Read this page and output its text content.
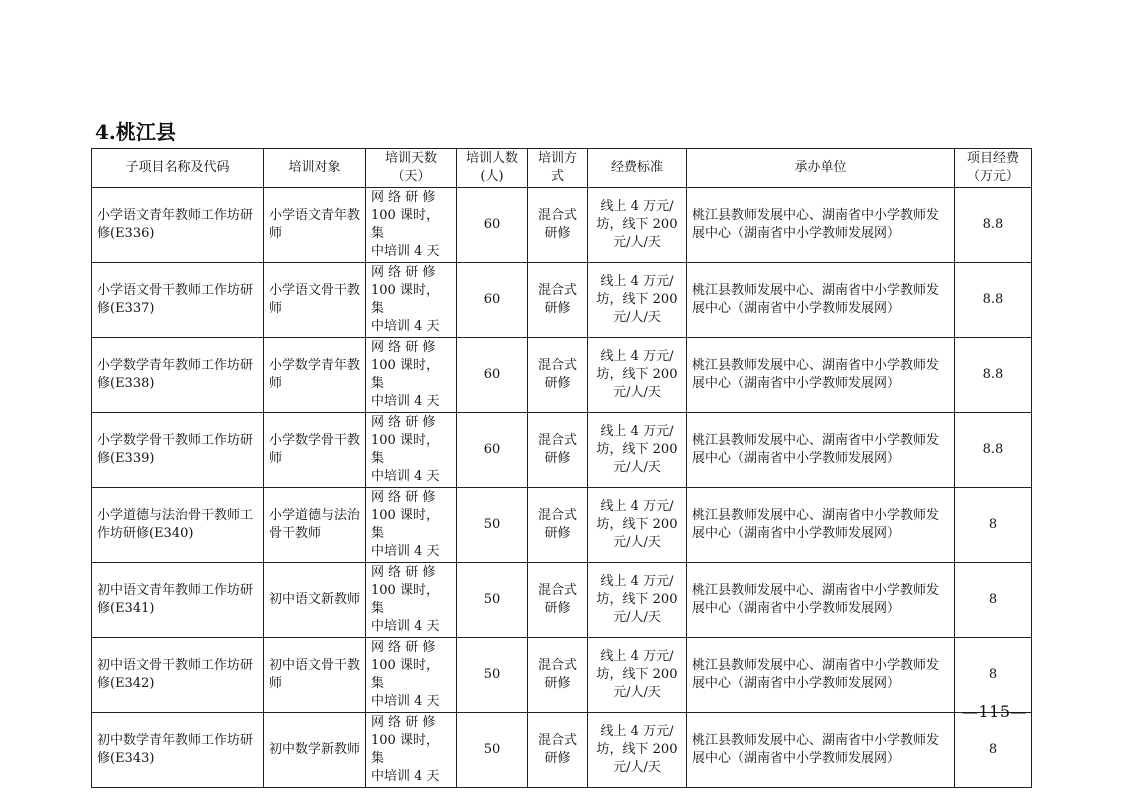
4.桃江县
子项目名称及代码	培训对象	培训天数（天）	培训人数(人)	培训方式	经费标准	承办单位	项目经费（万元）
小学语文青年教师工作坊研修(E336)	小学语文青年教师	网 络 研 修
100 课时，集
中培训 4 天	60	混合式研修	线上 4 万元/
坊，线下 200
元/人/天	桃江县教师发展中心、湖南省中小学教师发展中心（湖南省中小学教师发展网）	8.8
小学语文骨干教师工作坊研修(E337)	小学语文骨干教师	网 络 研 修
100 课时，集
中培训 4 天	60	混合式研修	线上 4 万元/
坊，线下 200
元/人/天	桃江县教师发展中心、湖南省中小学教师发展中心（湖南省中小学教师发展网）	8.8
小学数学青年教师工作坊研修(E338)	小学数学青年教师	网 络 研 修
100 课时，集
中培训 4 天	60	混合式研修	线上 4 万元/
坊，线下 200
元/人/天	桃江县教师发展中心、湖南省中小学教师发展中心（湖南省中小学教师发展网）	8.8
小学数学骨干教师工作坊研修(E339)	小学数学骨干教师	网 络 研 修
100 课时，集
中培训 4 天	60	混合式研修	线上 4 万元/
坊，线下 200
元/人/天	桃江县教师发展中心、湖南省中小学教师发展中心（湖南省中小学教师发展网）	8.8
小学道德与法治骨干教师工作坊研修(E340)	小学道德与法治骨干教师	网 络 研 修
100 课时，集
中培训 4 天	50	混合式研修	线上 4 万元/
坊，线下 200
元/人/天	桃江县教师发展中心、湖南省中小学教师发展中心（湖南省中小学教师发展网）	8
初中语文青年教师工作坊研修(E341)	初中语文新教师	网 络 研 修
100 课时，集
中培训 4 天	50	混合式研修	线上 4 万元/
坊，线下 200
元/人/天	桃江县教师发展中心、湖南省中小学教师发展中心（湖南省中小学教师发展网）	8
初中语文骨干教师工作坊研修(E342)	初中语文骨干教师	网 络 研 修
100 课时，集
中培训 4 天	50	混合式研修	线上 4 万元/
坊，线下 200
元/人/天	桃江县教师发展中心、湖南省中小学教师发展中心（湖南省中小学教师发展网）	8
初中数学青年教师工作坊研修(E343)	初中数学新教师	网 络 研 修
100 课时，集
中培训 4 天	50	混合式研修	线上 4 万元/
坊，线下 200
元/人/天	桃江县教师发展中心、湖南省中小学教师发展中心（湖南省中小学教师发展网）	8
—115—
